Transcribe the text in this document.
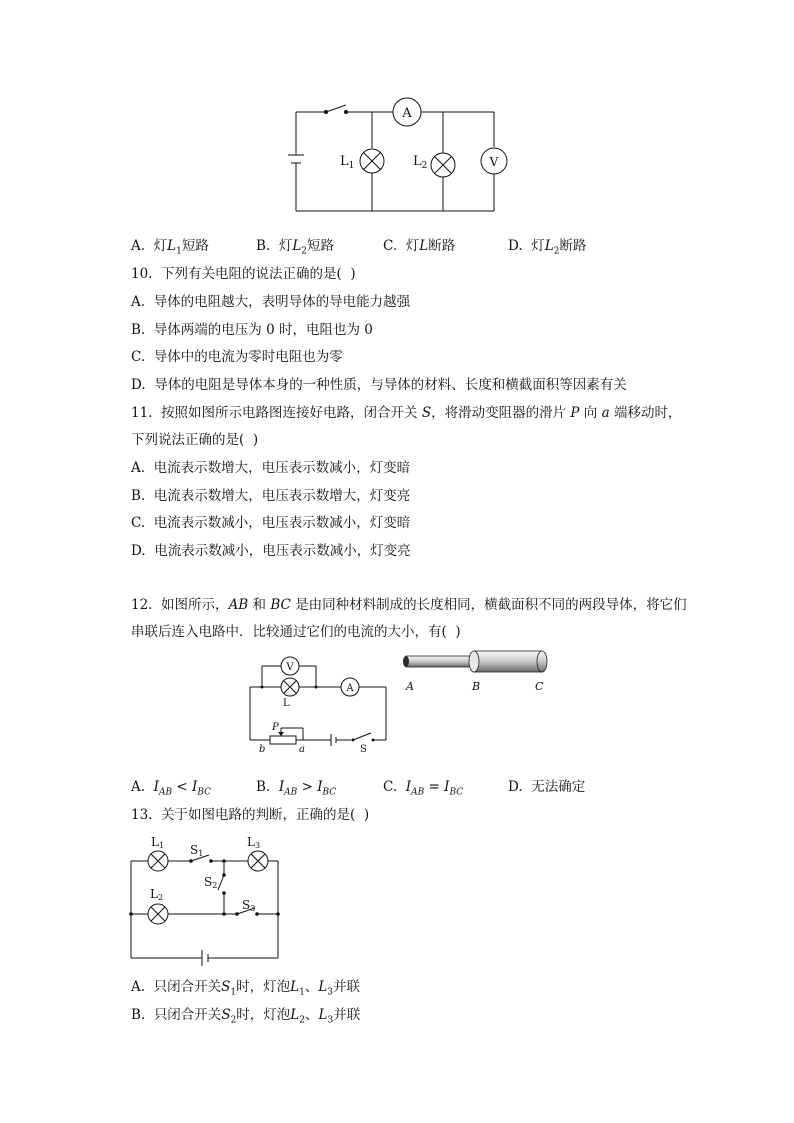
A
$L_1$	$L_2$	V
A. 灯$L_1$短路	B. 灯$L_2$短路	C. 灯L断路	D. 灯$L_2$断路
10.  下列有关电阻的说法正确的是(  )
A.  导体的电阻越大，表明导体的导电能力越强
B.  导体两端的电压为 0 时，电阻也为 0
C.  导体中的电流为零时电阻也为零
D.  导体的电阻是导体本身的一种性质，与导体的材料、长度和横截面积等因素有关
11.  按照如图所示电路图连接好电路，闭合开关 S，将滑动变阻器的滑片 P 向 a 端移动时，
下列说法正确的是(  )
A.  电流表示数增大，电压表示数减小，灯变暗
B.  电流表示数增大，电压表示数增大，灯变亮
C.  电流表示数减小，电压表示数减小，灯变暗
D.  电流表示数减小，电压表示数减小，灯变亮
12.  如图所示，AB 和 BC 是由同种材料制成的长度相同，横截面积不同的两段导体，将它们
串联后连入电路中．比较通过它们的电流的大小，有(  )
V
L
A
P
b	a	S
A	B	C
A. $I_{AB} < I_{BC}$	B. $I_{AB} > I_{BC}$	C. $I_{AB} = I_{BC}$	D. 无法确定
13.  关于如图电路的判断，正确的是(  )
L1 S1
L3
S2
L2
S3
A. 只闭合开关$S_1$时，灯泡$L_1$、$L_3$并联
B. 只闭合开关$S_2$时，灯泡$L_2$、$L_3$并联
